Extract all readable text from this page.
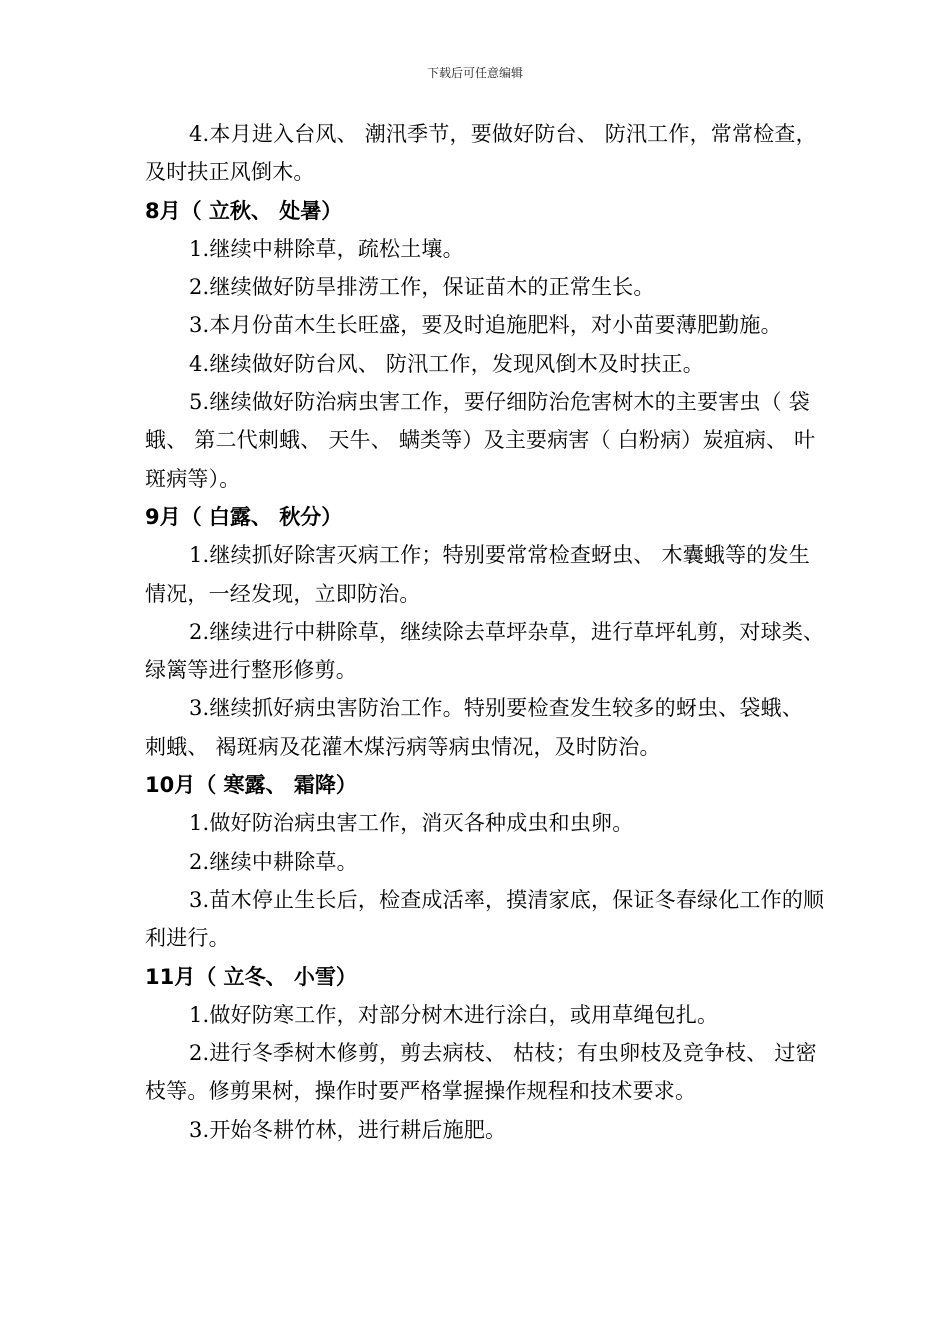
下载后可任意编辑

4.本月进入台风、 潮汛季节，要做好防台、 防汛工作，常常检查，及时扶正风倒木。

8月（ 立秋、 处暑）

1.继续中耕除草，疏松土壤。

2.继续做好防旱排涝工作，保证苗木的正常生长。

3.本月份苗木生长旺盛，要及时追施肥料，对小苗要薄肥勤施。

4.继续做好防台风、 防汛工作，发现风倒木及时扶正。

5.继续做好防治病虫害工作，要仔细防治危害树木的主要害虫（ 袋蛾、 第二代刺蛾、 天牛、 螨类等）及主要病害（ 白粉病）炭疽病、 叶斑病等）。

9月（ 白露、 秋分）

1.继续抓好除害灭病工作；特别要常常检查蚜虫、 木囊蛾等的发生情况，一经发现，立即防治。

2.继续进行中耕除草，继续除去草坪杂草，进行草坪轧剪，对球类、 绿篱等进行整形修剪。

3.继续抓好病虫害防治工作。特别要检查发生较多的蚜虫、袋蛾、 刺蛾、 褐斑病及花灌木煤污病等病虫情况，及时防治。

10月（ 寒露、 霜降）

1.做好防治病虫害工作，消灭各种成虫和虫卵。

2.继续中耕除草。

3.苗木停止生长后，检查成活率，摸清家底，保证冬春绿化工作的顺利进行。

11月（ 立冬、 小雪）

1.做好防寒工作，对部分树木进行涂白，或用草绳包扎。

2.进行冬季树木修剪，剪去病枝、 枯枝；有虫卵枝及竞争枝、 过密枝等。修剪果树，操作时要严格掌握操作规程和技术要求。

3.开始冬耕竹林，进行耕后施肥。
